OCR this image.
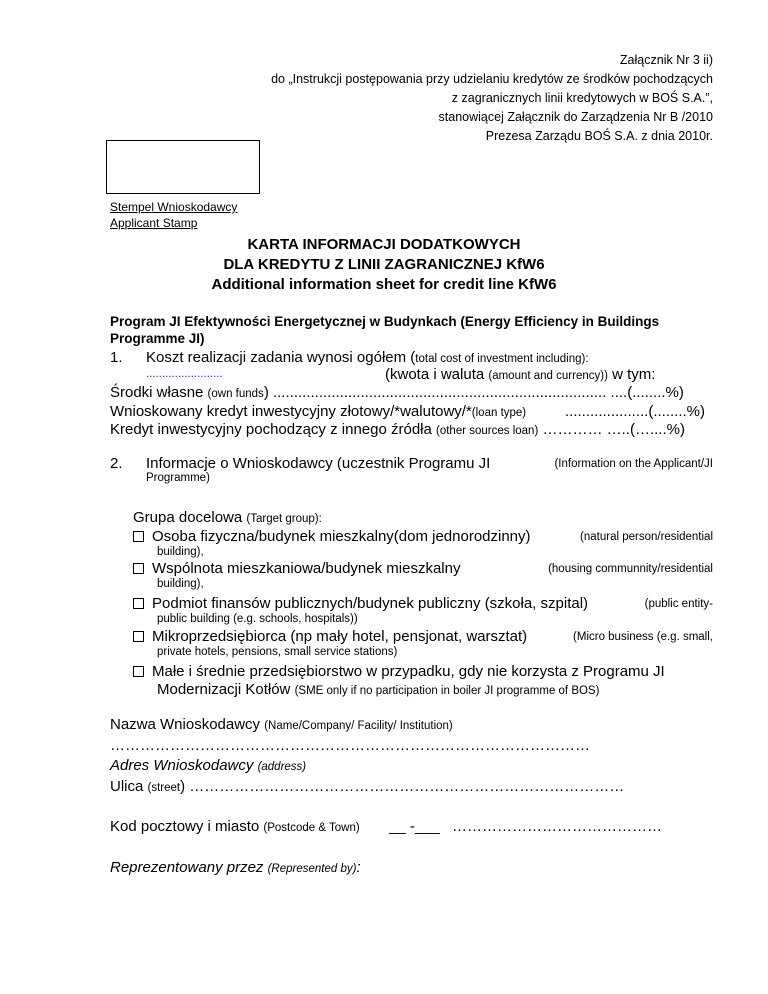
Załącznik Nr 3 ii)
do „Instrukcji postępowania przy udzielaniu kredytów ze środków pochodzących
z zagranicznych linii kredytowych w BOŚ S.A.”,
stanowiącej Załącznik do Zarządzenia Nr B /2010
Prezesa Zarządu BOŚ S.A. z dnia 2010r.
Stempel Wnioskodawcy
Applicant Stamp
KARTA INFORMACJI DODATKOWYCH
DLA KREDYTU Z LINII ZAGRANICZNEJ KfW6
Additional information sheet for credit line KfW6
Program JI Efektywności Energetycznej w Budynkach (Energy Efficiency in Buildings
Programme JI)
1. Koszt realizacji zadania wynosi ogółem (total cost of investment including):
........................	(kwota i waluta (amount and currency)) w tym:
Środki własne (own funds) ................................................................................ ....(........%)
Wnioskowany kredyt inwestycyjny złotowy/*walutowy/*(loan type)	....................(........%)
Kredyt inwestycyjny pochodzący z innego źródła (other sources loan) ………… …..(…....%)
2. Informacje o Wnioskodawcy (uczestnik Programu JI	(Information on the Applicant/JI
Programme)
Grupa docelowa (Target group):
Osoba fizyczna/budynek mieszkalny(dom jednorodzinny)	(natural person/residential
building),
Wspólnota mieszkaniowa/budynek mieszkalny	(housing communnity/residential
building),
Podmiot finansów publicznych/budynek publiczny (szkoła, szpital)	(public entity-
public building (e.g. schools, hospitals))
Mikroprzedsiębiorca (np mały hotel, pensjonat, warsztat)	(Micro business (e.g. small,
private hotels, pensions, small service stations)
Małe i średnie przedsiębiorstwo w przypadku, gdy nie korzysta z Programu JI
Modernizacji Kotłów (SME only if no participation in boiler JI programme of BOS)
Nazwa Wnioskodawcy (Name/Company/ Facility/ Institution)
……………………………………………………………………………………
Adres Wnioskodawcy (address)
Ulica (street) ……………………………………………………………………………
Kod pocztowy i miasto (Postcode & Town) __ -___ ……………………………………
Reprezentowany przez (Represented by):
